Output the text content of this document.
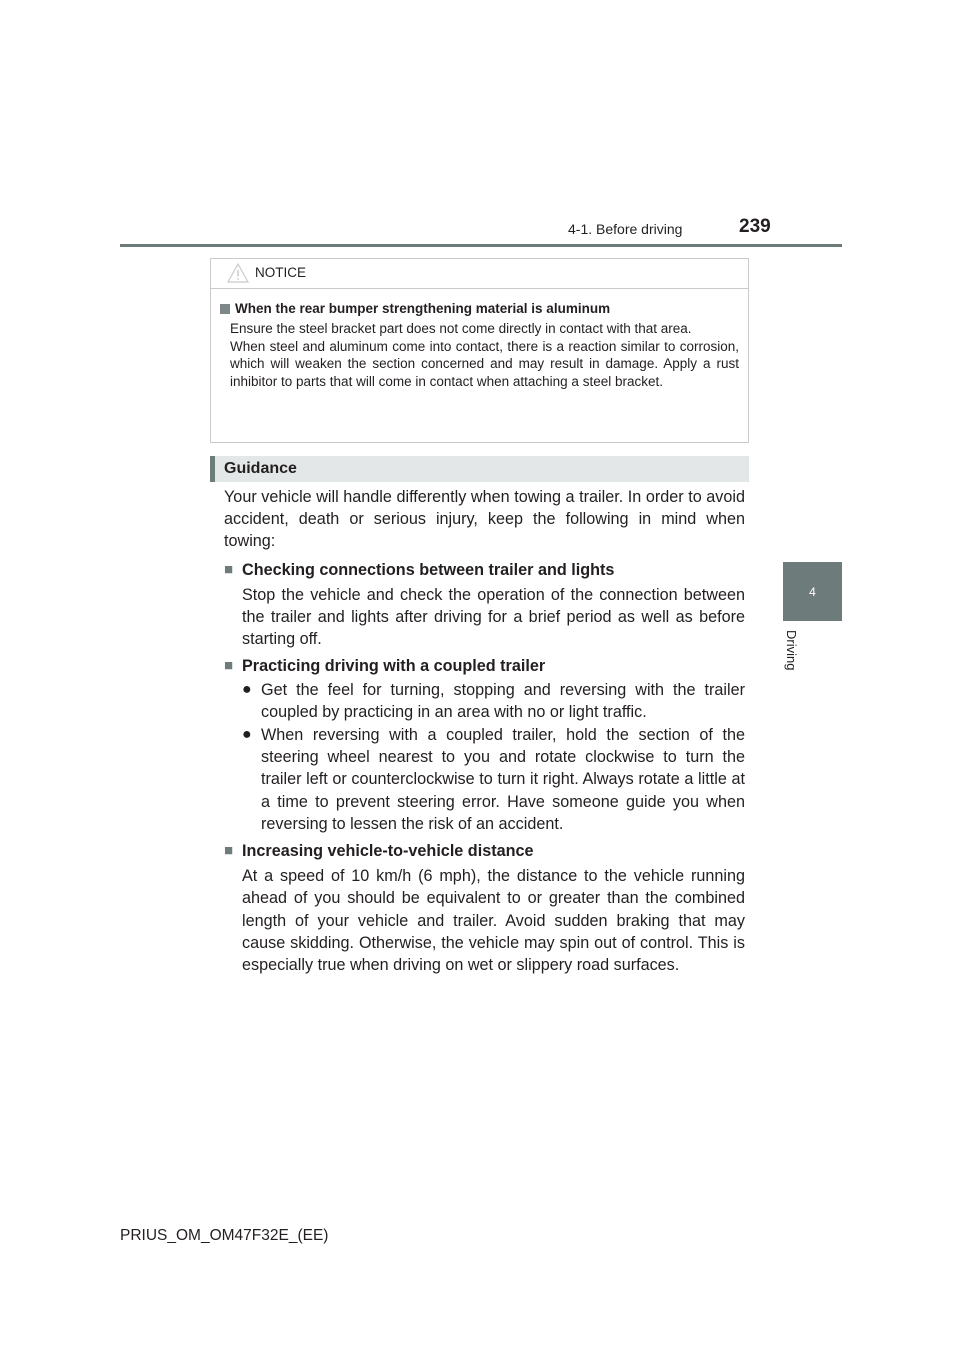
4-1. Before driving	239
4
Driving
NOTICE
When the rear bumper strengthening material is aluminum

Ensure the steel bracket part does not come directly in contact with that area.

When steel and aluminum come into contact, there is a reaction similar to corrosion, which will weaken the section concerned and may result in damage. Apply a rust inhibitor to parts that will come in contact when attaching a steel bracket.

Guidance

Your vehicle will handle differently when towing a trailer. In order to avoid accident, death or serious injury, keep the following in mind when towing:

■ Checking connections between trailer and lights

Stop the vehicle and check the operation of the connection between the trailer and lights after driving for a brief period as well as before starting off.

■ Practicing driving with a coupled trailer
● Get the feel for turning, stopping and reversing with the trailer coupled by practicing in an area with no or light traffic.
● When reversing with a coupled trailer, hold the section of the steering wheel nearest to you and rotate clockwise to turn the trailer left or counterclockwise to turn it right. Always rotate a little at a time to prevent steering error. Have someone guide you when reversing to lessen the risk of an accident.
■ Increasing vehicle-to-vehicle distance

At a speed of 10 km/h (6 mph), the distance to the vehicle running ahead of you should be equivalent to or greater than the combined length of your vehicle and trailer. Avoid sudden braking that may cause skidding. Otherwise, the vehicle may spin out of control. This is especially true when driving on wet or slippery road surfaces.

PRIUS_OM_OM47F32E_(EE)
